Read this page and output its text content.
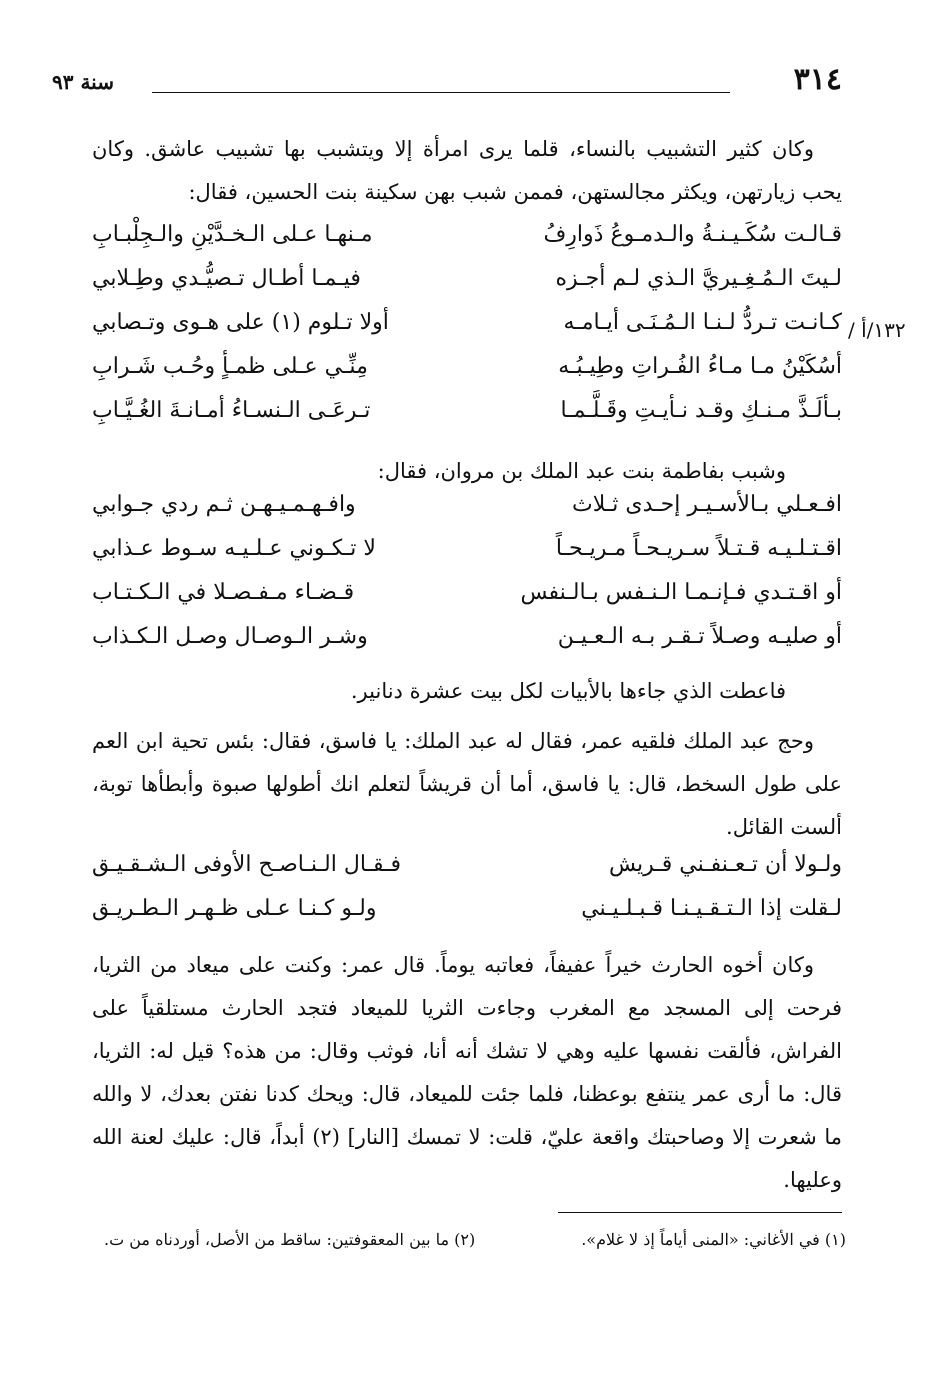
٣١٤
سنة ٩٣

وكان كثير التشبيب بالنساء، قلما يرى امرأة إلا ويتشبب بها تشبيب عاشق. وكان يحب زيارتهن، ويكثر مجالستهن، فممن شبب بهن سكينة بنت الحسين، فقال:

١٣٢/أ /
قـالـت سُكَـيـنـةُ والـدمـوعُ ذَوارِفُ
مـنهـا عـلى الـخـدَّيْنِ والـجِلْبـابِ
لـيتَ الـمُـغِـيريَّ الـذي لـم أجـزه
فيـمـا أطـال تـصيُّـدي وطِـلابي
كـانـت تـردُّ لـنـا الـمُـنَـى أيـامـه
أولا تـلوم (١) على هـوى وتـصابي
أسُكَيْنُ مـا مـاءُ الفُـراتِ وطِيـبُـه
مِنِّـي عـلى ظمـأٍ وحُـب شَـرابِ
بـألَـذَّ مـنـكِ وقـد نـأيـتِ وقَـلَّـمـا
تـرعَـى الـنسـاءُ أمـانـةَ الغُـيَّـابِ

وشبب بفاطمة بنت عبد الملك بن مروان، فقال:

افـعـلي بـالأسـيـر إحـدى ثـلاث
وافـهـمـيـهـن ثـم ردي جـوابي
اقـتـلـيـه قـتـلاً سـريـحـاً مـريـحـاً
لا تـكـوني عـلـيـه سـوط عـذابي
أو اقـتـدي فـإنـمـا الـنـفس بـالـنفس
قـضـاء مـفـصـلا في الـكـتـاب
أو صليـه وصـلاً تـقـر بـه الـعـيـن
وشـر الـوصـال وصـل الـكـذاب

فاعطت الذي جاءها بالأبيات لكل بيت عشرة دنانير.

وحج عبد الملك فلقيه عمر، فقال له عبد الملك: يا فاسق، فقال: بئس تحية ابن العم على طول السخط، قال: يا فاسق، أما أن قريشاً لتعلم انك أطولها صبوة وأبطأها توبة، ألست القائل.

ولـولا أن تـعـنفـني قـريش
فـقـال الـنـاصـح الأوفى الـشـقـيـق
لـقلت إذا الـتـقـيـنـا قـبـلـيـني
ولـو كـنـا عـلى ظـهـر الـطـريـق

وكان أخوه الحارث خيراً عفيفاً، فعاتبه يوماً. قال عمر: وكنت على ميعاد من الثريا، فرحت إلى المسجد مع المغرب وجاءت الثريا للميعاد فتجد الحارث مستلقياً على الفراش، فألقت نفسها عليه وهي لا تشك أنه أنا، فوثب وقال: من هذه؟ قيل له: الثريا، قال: ما أرى عمر ينتفع بوعظنا، فلما جئت للميعاد، قال: ويحك كدنا نفتن بعدك، لا والله ما شعرت إلا وصاحبتك واقعة عليّ، قلت: لا تمسك [النار] (٢) أبداً، قال: عليك لعنة الله وعليها.

(١) في الأغاني: «المنى أياماً إذ لا غلام».
(٢) ما بين المعقوفتين: ساقط من الأصل، أوردناه من ت.
